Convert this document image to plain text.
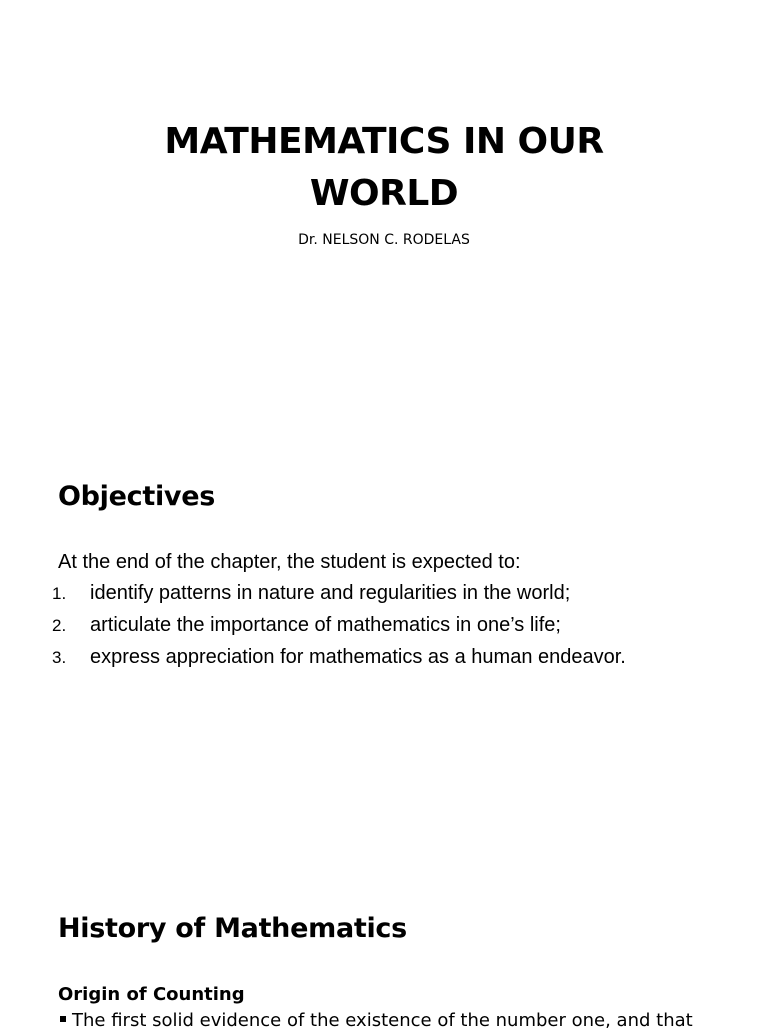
MATHEMATICS IN OUR
WORLD
Dr. NELSON C. RODELAS
Objectives
At the end of the chapter, the student is expected to:
1. identify patterns in nature and regularities in the world;
2. articulate the importance of mathematics in one’s life;
3. express appreciation for mathematics as a human endeavor.
History of Mathematics
Origin of Counting
The first solid evidence of the existence of the number one, and that
